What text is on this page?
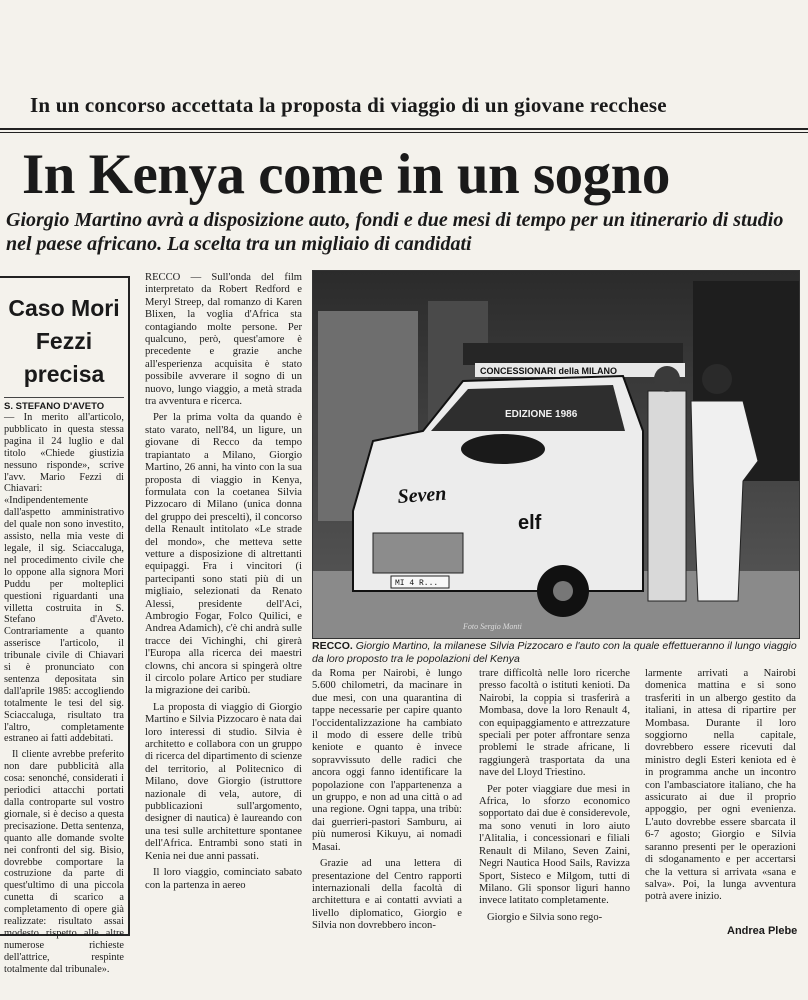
In un concorso accettata la proposta di viaggio di un giovane recchese
In Kenya come in un sogno
Giorgio Martino avrà a disposizione auto, fondi e due mesi di tempo per un itinerario di studio nel paese africano. La scelta tra un migliaio di candidati
Caso Mori
Fezzi
precisa
S. STEFANO D'AVETO

— In merito all'articolo, pubblicato in questa stessa pagina il 24 luglio e dal titolo «Chiede giustizia nessuno risponde», scrive l'avv. Mario Fezzi di Chiavari: «Indipendentemente dall'aspetto amministrativo del quale non sono investito, assisto, nella mia veste di legale, il sig. Sciaccaluga, nel procedimento civile che lo oppone alla signora Mori Puddu per molteplici questioni riguardanti una villetta costruita in S. Stefano d'Aveto. Contrariamente a quanto asserisce l'articolo, il tribunale civile di Chiavari si è pronunciato con sentenza depositata sin dall'aprile 1985: accogliendo totalmente le tesi del sig. Sciaccaluga, risultato tra l'altro, completamente estraneo ai fatti addebitati.

Il cliente avrebbe preferito non dare pubblicità alla cosa: senonché, considerati i periodici attacchi portati dalla controparte sul vostro giornale, si è deciso a questa precisazione. Detta sentenza, quanto alle domande svolte nei confronti del sig. Bisio, dovrebbe comportare la costruzione da parte di quest'ultimo di una piccola cunetta di scarico a completamento di opere già realizzate: risultato assai modesto rispetto alle altre numerose richieste dell'attrice, respinte totalmente dal tribunale».

RECCO — Sull'onda del film interpretato da Robert Redford e Meryl Streep, dal romanzo di Karen Blixen, la voglia d'Africa sta contagiando molte persone. Per qualcuno, però, quest'amore è precedente e grazie anche all'esperienza acquisita è stato possibile avverare il sogno di un nuovo, lungo viaggio, a metà strada tra avventura e ricerca.

Per la prima volta da quando è stato varato, nell'84, un ligure, un giovane di Recco da tempo trapiantato a Milano, Giorgio Martino, 26 anni, ha vinto con la sua proposta di viaggio in Kenya, formulata con la coetanea Silvia Pizzocaro di Milano (unica donna del gruppo dei prescelti), il concorso della Renault intitolato «Le strade del mondo», che metteva sette vetture a disposizione di altrettanti equipaggi. Fra i vincitori (i partecipanti sono stati più di un migliaio, selezionati da Renato Alessi, presidente dell'Aci, Ambrogio Fogar, Folco Quilici, e Andrea Adamich), c'è chi andrà sulle tracce dei Vichinghi, chi girerà l'Europa alla ricerca dei maestri clowns, chi ancora si spingerà oltre il circolo polare Artico per studiare la migrazione dei caribù.

La proposta di viaggio di Giorgio Martino e Silvia Pizzocaro è nata dai loro interessi di studio. Silvia è architetto e collabora con un gruppo di ricerca del dipartimento di scienze del territorio, al Politecnico di Milano, dove Giorgio (istruttore nazionale di vela, autore, di pubblicazioni sull'argomento, designer di nautica) è laureando con una tesi sulle architetture spontanee dell'Africa. Entrambi sono stati in Kenia nei due anni passati.

Il loro viaggio, cominciato sabato con la partenza in aereo

CONCESSIONARI della MILANO
EDIZIONE 1986
Seven
elf
MI 4 R...
Foto Sergio Monti
RECCO. Giorgio Martino, la milanese Silvia Pizzocaro e l'auto con la quale effettueranno il lungo viaggio da loro proposto tra le popolazioni del Kenya

da Roma per Nairobi, è lungo 5.600 chilometri, da macinare in due mesi, con una quarantina di tappe necessarie per capire quanto l'occidentalizzazione ha cambiato il modo di essere delle tribù keniote e quanto è invece sopravvissuto delle radici che ancora oggi fanno identificare la popolazione con l'appartenenza a un gruppo, e non ad una città o ad una regione. Ogni tappa, una tribù: dai guerrieri-pastori Samburu, ai più numerosi Kikuyu, ai nomadi Masai.

Grazie ad una lettera di presentazione del Centro rapporti internazionali della facoltà di architettura e ai contatti avviati a livello diplomatico, Giorgio e Silvia non dovrebbero incon-

trare difficoltà nelle loro ricerche presso facoltà o istituti kenioti. Da Nairobi, la coppia si trasferirà a Mombasa, dove la loro Renault 4, con equipaggiamento e attrezzature speciali per poter affrontare senza problemi le strade africane, li raggiungerà trasportata da una nave del Lloyd Triestino.

Per poter viaggiare due mesi in Africa, lo sforzo economico sopportato dai due è considerevole, ma sono venuti in loro aiuto l'Alitalia, i concessionari e filiali Renault di Milano, Seven Zaini, Negri Nautica Hood Sails, Ravizza Sport, Sisteco e Milgom, tutti di Milano. Gli sponsor liguri hanno invece latitato completamente.

Giorgio e Silvia sono rego-

larmente arrivati a Nairobi domenica mattina e si sono trasferiti in un albergo gestito da italiani, in attesa di ripartire per Mombasa. Durante il loro soggiorno nella capitale, dovrebbero essere ricevuti dal ministro degli Esteri keniota ed è in programma anche un incontro con l'ambasciatore italiano, che ha assicurato ai due il proprio appoggio, per ogni evenienza. L'auto dovrebbe essere sbarcata il 6-7 agosto; Giorgio e Silvia saranno presenti per le operazioni di sdoganamento e per accertarsi che la vettura si arrivata «sana e salva». Poi, la lunga avventura potrà avere inizio.

Andrea Plebe
